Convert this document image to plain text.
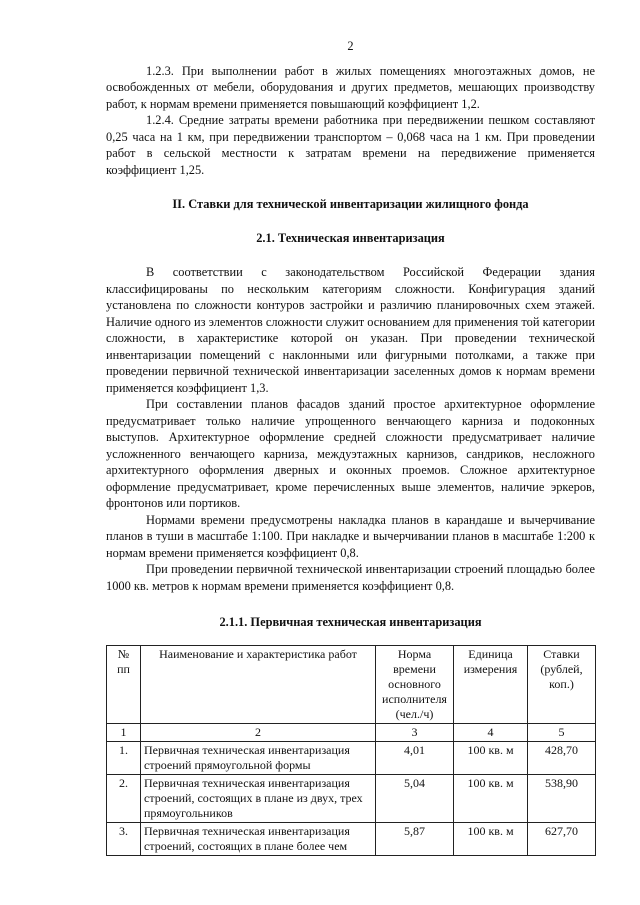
2

1.2.3. При выполнении работ в жилых помещениях многоэтажных домов, не освобожденных от мебели, оборудования и других предметов, мешающих производству работ, к нормам времени применяется повышающий коэффициент 1,2.

1.2.4. Средние затраты времени работника при передвижении пешком составляют 0,25 часа на 1 км, при передвижении транспортом – 0,068 часа на 1 км. При проведении работ в сельской местности к затратам времени на передвижение применяется коэффициент 1,25.

II. Ставки для технической инвентаризации жилищного фонда
2.1. Техническая инвентаризация

В соответствии с законодательством Российской Федерации здания классифицированы по нескольким категориям сложности. Конфигурация зданий установлена по сложности контуров застройки и различию планировочных схем этажей. Наличие одного из элементов сложности служит основанием для применения той категории сложности, в характеристике которой он указан. При проведении технической инвентаризации помещений с наклонными или фигурными потолками, а также при проведении первичной технической инвентаризации заселенных домов к нормам времени применяется коэффициент 1,3.

При составлении планов фасадов зданий простое архитектурное оформление предусматривает только наличие упрощенного венчающего карниза и подоконных выступов. Архитектурное оформление средней сложности предусматривает наличие усложненного венчающего карниза, междуэтажных карнизов, сандриков, несложного архитектурного оформления дверных и оконных проемов. Сложное архитектурное оформление предусматривает, кроме перечисленных выше элементов, наличие эркеров, фронтонов или портиков.

Нормами времени предусмотрены накладка планов в карандаше и вычерчивание планов в туши в масштабе 1:100. При накладке и вычерчивании планов в масштабе 1:200 к нормам времени применяется коэффициент 0,8.

При проведении первичной технической инвентаризации строений площадью более 1000 кв. метров к нормам времени применяется коэффициент 0,8.

2.1.1. Первичная техническая инвентаризация
№ пп	Наименование и характеристика работ	Норма времени основного исполнителя (чел./ч)	Единица измерения	Ставки (рублей, коп.)
1	2	3	4	5
1.	Первичная техническая инвентаризация строений прямоугольной формы	4,01	100 кв. м	428,70
2.	Первичная техническая инвентаризация строений, состоящих в плане из двух, трех прямоугольников	5,04	100 кв. м	538,90
3.	Первичная техническая инвентаризация строений, состоящих в плане более чем	5,87	100 кв. м	627,70
